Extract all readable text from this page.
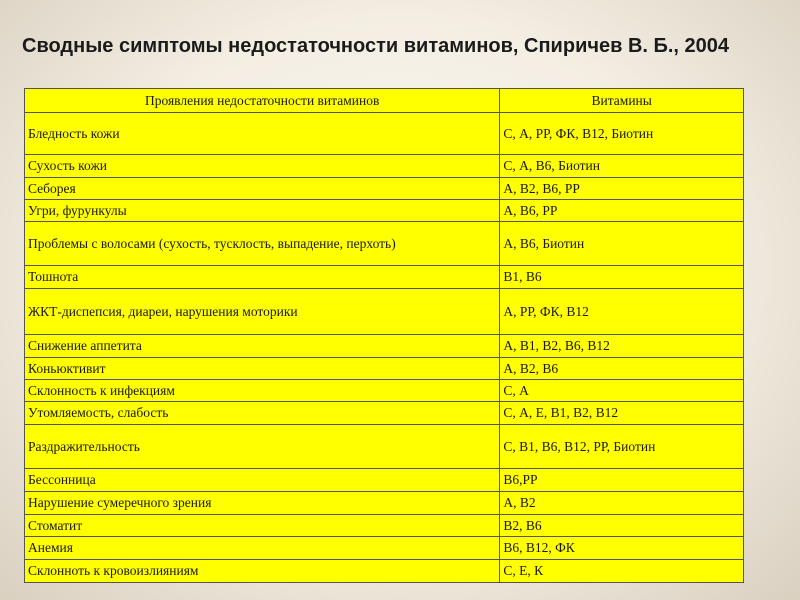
Сводные симптомы недостаточности витаминов, Спиричев В. Б., 2004
Проявления недостаточности витаминов	Витамины
Бледность кожи	С, А, РР, ФК, В12, Биотин
Сухость кожи	С, А, В6, Биотин
Себорея	А, В2, В6, РР
Угри, фурункулы	А, В6, РР
Проблемы с волосами (сухость, тусклость, выпадение, перхоть)	А, В6, Биотин
Тошнота	В1, В6
ЖКТ-диспепсия, диареи, нарушения моторики	А, РР, ФК, В12
Снижение аппетита	А, В1, В2, В6, В12
Коньюктивит	А, В2, В6
Склонность к инфекциям	С, А
Утомляемость, слабость	С, А, Е, В1, В2, В12
Раздражительность	С, В1, В6, В12, РР, Биотин
Бессонница	В6,РР
Нарушение сумеречного зрения	А, В2
Стоматит	В2, В6
Анемия	В6, В12, ФК
Склонноть к кровоизлияниям	С, Е, К
